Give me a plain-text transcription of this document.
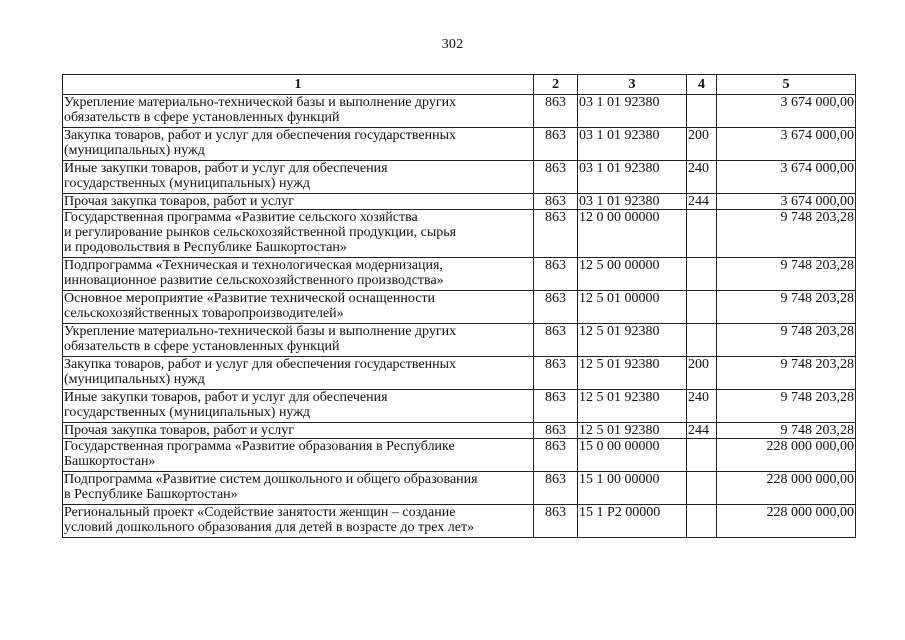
302
1	2	3	4	5

Укрепление материально-технической базы и выполнение других
обязательств в сфере установленных функций	863	03 1 01 92380		3 674 000,00

Закупка товаров, работ и услуг для обеспечения государственных
(муниципальных) нужд	863	03 1 01 92380	200	3 674 000,00

Иные закупки товаров, работ и услуг для обеспечения
государственных (муниципальных) нужд	863	03 1 01 92380	240	3 674 000,00

Прочая закупка товаров, работ и услуг	863	03 1 01 92380	244	3 674 000,00

Государственная программа «Развитие сельского хозяйства
и регулирование рынков сельскохозяйственной продукции, сырья
и продовольствия в Республике Башкортостан»	863	12 0 00 00000		9 748 203,28

Подпрограмма «Техническая и технологическая модернизация,
инновационное развитие сельскохозяйственного производства»	863	12 5 00 00000		9 748 203,28

Основное мероприятие «Развитие технической оснащенности
сельскохозяйственных товаропроизводителей»	863	12 5 01 00000		9 748 203,28

Укрепление материально-технической базы и выполнение других
обязательств в сфере установленных функций	863	12 5 01 92380		9 748 203,28

Закупка товаров, работ и услуг для обеспечения государственных
(муниципальных) нужд	863	12 5 01 92380	200	9 748 203,28

Иные закупки товаров, работ и услуг для обеспечения
государственных (муниципальных) нужд	863	12 5 01 92380	240	9 748 203,28

Прочая закупка товаров, работ и услуг	863	12 5 01 92380	244	9 748 203,28

Государственная программа «Развитие образования в Республике
Башкортостан»	863	15 0 00 00000		228 000 000,00

Подпрограмма «Развитие систем дошкольного и общего образования
в Республике Башкортостан»	863	15 1 00 00000		228 000 000,00

Региональный проект «Содействие занятости женщин – создание
условий дошкольного образования для детей в возрасте до трех лет»	863	15 1 P2 00000		228 000 000,00
